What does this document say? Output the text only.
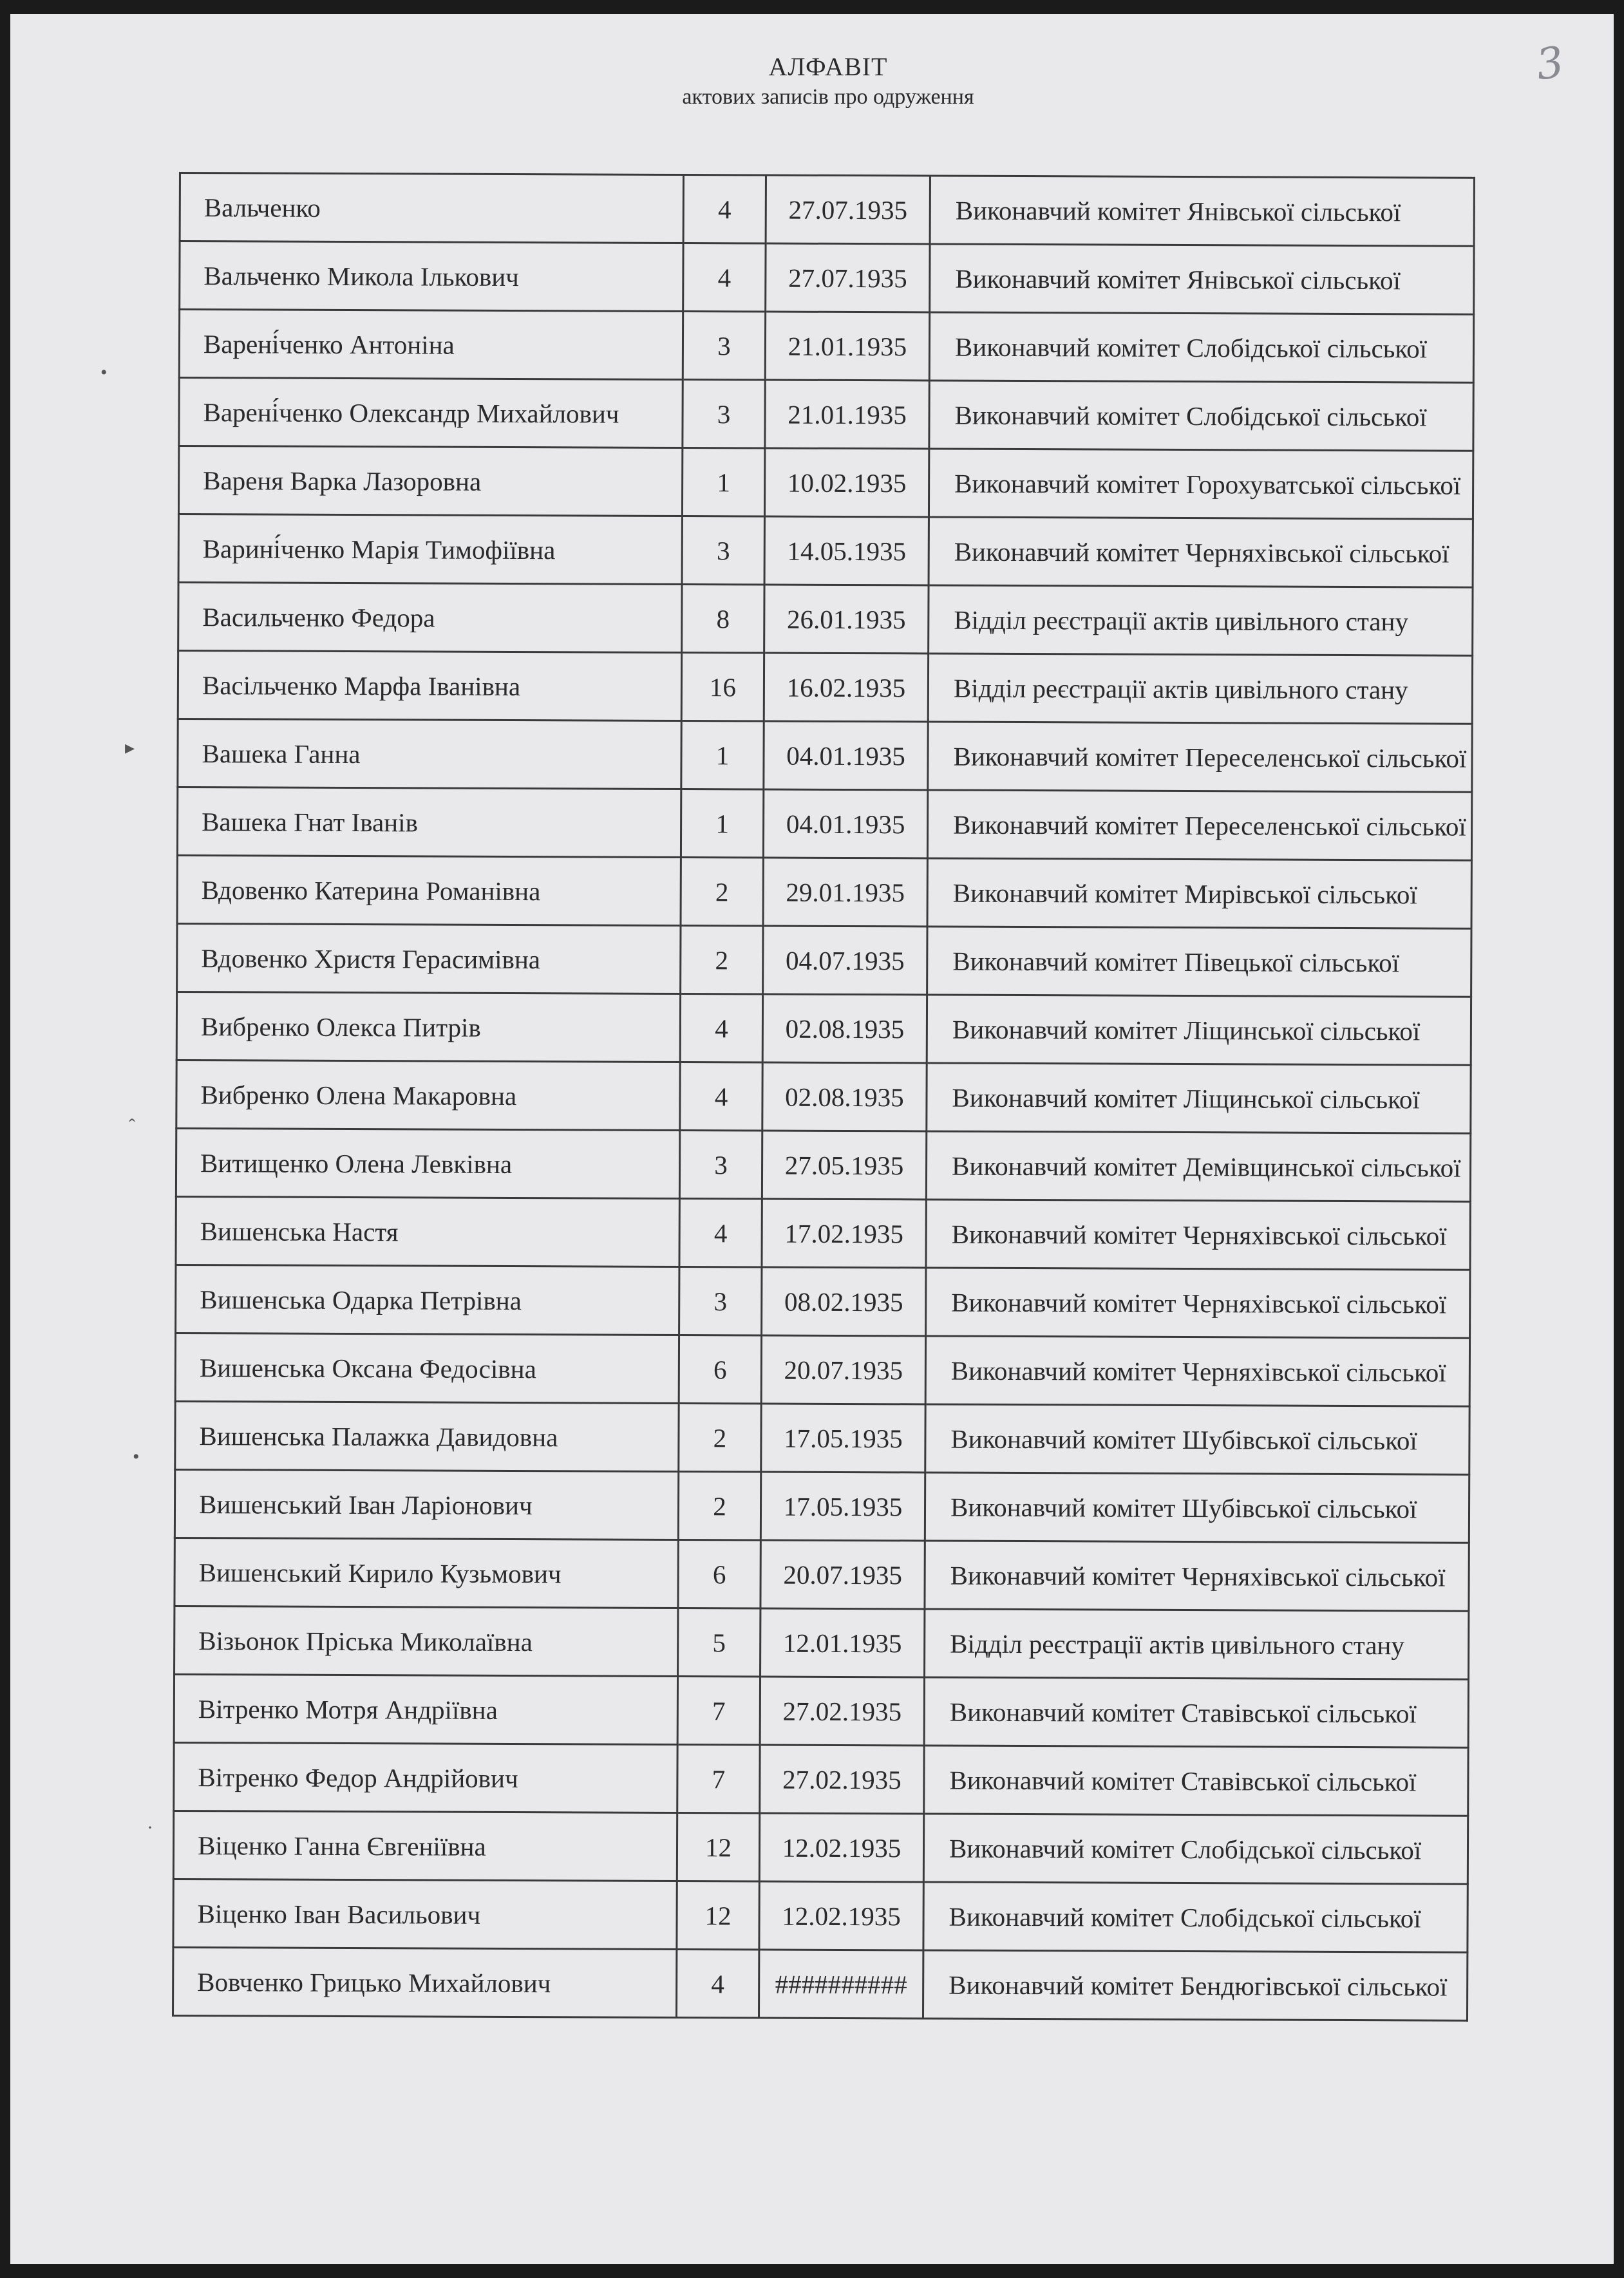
3
АЛФАВІТ
актових записів про одруження
Вальченко	4	27.07.1935	Виконавчий комітет Янівської сільської
Вальченко Микола Ількович	4	27.07.1935	Виконавчий комітет Янівської сільської
Варені́ченко Антоніна	3	21.01.1935	Виконавчий комітет Слобідської сільської
Варені́ченко Олександр Михайлович	3	21.01.1935	Виконавчий комітет Слобідської сільської
Вареня Варка Лазоровна	1	10.02.1935	Виконавчий комітет Горохуватської сільської
Варині́ченко Марія Тимофіївна	3	14.05.1935	Виконавчий комітет Черняхівської сільської
Васильченко Федора	8	26.01.1935	Відділ реєстрації актів цивільного стану
Васільченко Марфа Іванівна	16	16.02.1935	Відділ реєстрації актів цивільного стану
Вашека Ганна	1	04.01.1935	Виконавчий комітет Переселенської сільської
Вашека Гнат Іванів	1	04.01.1935	Виконавчий комітет Переселенської сільської
Вдовенко Катерина Романівна	2	29.01.1935	Виконавчий комітет Мирівської сільської
Вдовенко Христя Герасимівна	2	04.07.1935	Виконавчий комітет Півецької сільської
Вибренко Олекса Питрів	4	02.08.1935	Виконавчий комітет Ліщинської сільської
Вибренко Олена Макаровна	4	02.08.1935	Виконавчий комітет Ліщинської сільської
Витищенко Олена Левківна	3	27.05.1935	Виконавчий комітет Демівщинської сільської
Вишенська Настя	4	17.02.1935	Виконавчий комітет Черняхівської сільської
Вишенська Одарка Петрівна	3	08.02.1935	Виконавчий комітет Черняхівської сільської
Вишенська Оксана Федосівна	6	20.07.1935	Виконавчий комітет Черняхівської сільської
Вишенська Палажка Давидовна	2	17.05.1935	Виконавчий комітет Шубівської сільської
Вишенський Іван Ларіонович	2	17.05.1935	Виконавчий комітет Шубівської сільської
Вишенський Кирило Кузьмович	6	20.07.1935	Виконавчий комітет Черняхівської сільської
Візьонок Пріська Миколаївна	5	12.01.1935	Відділ реєстрації актів цивільного стану
Вітренко Мотря Андріївна	7	27.02.1935	Виконавчий комітет Ставівської сільської
Вітренко Федор Андрійович	7	27.02.1935	Виконавчий комітет Ставівської сільської
Віценко Ганна Євгеніївна	12	12.02.1935	Виконавчий комітет Слобідської сільської
Віценко Іван Васильович	12	12.02.1935	Виконавчий комітет Слобідської сільської
Вовченко Грицько Михайлович	4	##########	Виконавчий комітет Бендюгівської сільської
•
▸
ˆ
•
·
